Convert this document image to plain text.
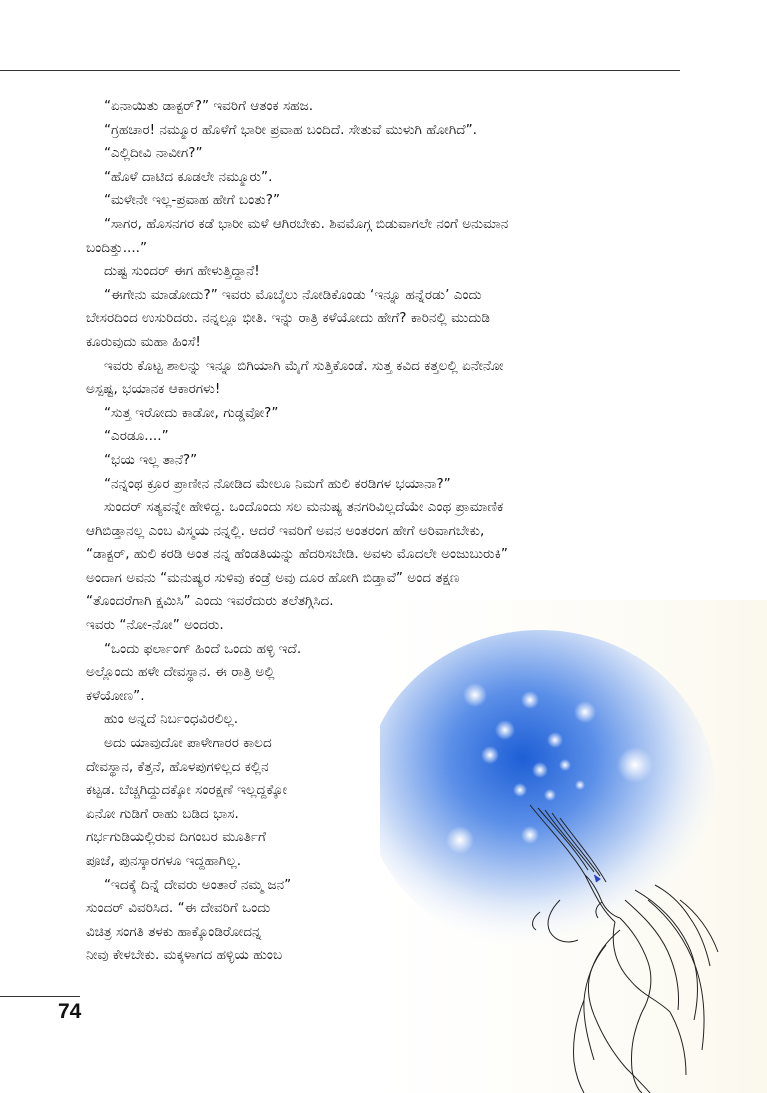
“ಏನಾಯಿತು ಡಾಕ್ಟರ್?” ಇವರಿಗೆ ಆತಂಕ ಸಹಜ.

“ಗ್ರಹಚಾರ! ನಮ್ಮೂರ ಹೊಳೆಗೆ ಭಾರೀ ಪ್ರವಾಹ ಬಂದಿದೆ. ಸೇತುವೆ ಮುಳುಗಿ ಹೋಗಿದೆ”.

“ಎಲ್ಲಿದೀವಿ ನಾವೀಗ?”

“ಹೊಳೆ ದಾಟಿದ ಕೂಡಲೇ ನಮ್ಮೂರು”.

“ಮಳೇನೇ ಇಲ್ಲ-ಪ್ರವಾಹ ಹೇಗೆ ಬಂತು?”

“ಸಾಗರ, ಹೊಸನಗರ ಕಡೆ ಭಾರೀ ಮಳೆ ಆಗಿರಬೇಕು. ಶಿವಮೊಗ್ಗ ಬಿಡುವಾಗಲೇ ನಂಗೆ ಅನುಮಾನ

ಬಂದಿತ್ತು....”

ದುಷ್ಟ ಸುಂದರ್ ಈಗ ಹೇಳುತ್ತಿದ್ದಾನೆ!

“ಈಗೇನು ಮಾಡೋದು?” ಇವರು ಮೊಬೈಲು ನೋಡಿಕೊಂಡು ‘ಇನ್ನೂ ಹನ್ನೆರಡು’ ಎಂದು

ಬೇಸರದಿಂದ ಉಸುರಿದರು. ನನ್ನಲ್ಲೂ ಭೀತಿ. ಇನ್ನು ರಾತ್ರಿ ಕಳೆಯೋದು ಹೇಗೆ? ಕಾರಿನಲ್ಲಿ ಮುದುಡಿ

ಕೂರುವುದು ಮಹಾ ಹಿಂಸೆ!

ಇವರು ಕೊಟ್ಟ ಶಾಲನ್ನು ಇನ್ನೂ ಬಿಗಿಯಾಗಿ ಮೈಗೆ ಸುತ್ತಿಕೊಂಡೆ. ಸುತ್ತ ಕವಿದ ಕತ್ತಲಲ್ಲಿ ಏನೇನೋ

ಅಸ್ಪಷ್ಟ, ಭಯಾನಕ ಆಕಾರಗಳು!

“ಸುತ್ತ ಇರೋದು ಕಾಡೋ, ಗುಡ್ಡವೋ?”

“ಎರಡೂ....”

“ಭಯ ಇಲ್ಲ ತಾನೆ?”

“ನನ್ನಂಥ ಕ್ರೂರ ಪ್ರಾಣೀನ ನೋಡಿದ ಮೇಲೂ ನಿಮಗೆ ಹುಲಿ ಕರಡಿಗಳ ಭಯಾನಾ?”

ಸುಂದರ್ ಸತ್ಯವನ್ನೇ ಹೇಳಿದ್ದ. ಒಂದೊಂದು ಸಲ ಮನುಷ್ಯ ತನಗರಿವಿಲ್ಲದೆಯೇ ಎಂಥ ಪ್ರಾಮಾಣಿಕ

ಆಗಿಬಿಡ್ತಾನಲ್ಲ ಎಂಬ ವಿಸ್ಮಯ ನನ್ನಲ್ಲಿ. ಆದರೆ ಇವರಿಗೆ ಅವನ ಅಂತರಂಗ ಹೇಗೆ ಅರಿವಾಗಬೇಕು,

“ಡಾಕ್ಟರ್, ಹುಲಿ ಕರಡಿ ಅಂತ ನನ್ನ ಹೆಂಡತಿಯನ್ನು ಹೆದರಿಸಬೇಡಿ. ಅವಳು ಮೊದಲೇ ಅಂಜುಬುರುಕಿ”

ಅಂದಾಗ ಅವನು “ಮನುಷ್ಯರ ಸುಳಿವು ಕಂಡ್ರೆ ಅವು ದೂರ ಹೋಗಿ ಬಿಡ್ತಾವೆ” ಅಂದ ತಕ್ಷಣ

“ತೊಂದರೆಗಾಗಿ ಕ್ಷಮಿಸಿ” ಎಂದು ಇವರೆದುರು ತಲೆತಗ್ಗಿಸಿದ.

ಇವರು “ನೋ-ನೋ” ಅಂದರು.

“ಒಂದು ಫರ್ಲಾಂಗ್ ಹಿಂದೆ ಒಂದು ಹಳ್ಳಿ ಇದೆ.

ಅಲ್ಲೊಂದು ಹಳೇ ದೇವಸ್ಥಾನ. ಈ ರಾತ್ರಿ ಅಲ್ಲಿ

ಕಳೆಯೋಣ”.

ಹುಂ ಅನ್ನದೆ ನಿರ್ಬಂಧವಿರಲಿಲ್ಲ.

ಅದು ಯಾವುದೋ ಪಾಳೇಗಾರರ ಕಾಲದ

ದೇವಸ್ಥಾನ, ಕೆತ್ತನೆ, ಹೊಳಪುಗಳಿಲ್ಲದ ಕಲ್ಲಿನ

ಕಟ್ಟಡ. ಬೆಚ್ಚಗಿದ್ದುದಕ್ಕೋ ಸಂರಕ್ಷಣೆ ಇಲ್ಲದ್ದಕ್ಕೋ

ಏನೋ ಗುಡಿಗೆ ರಾಹು ಬಡಿದ ಭಾಸ.

ಗರ್ಭಗುಡಿಯಲ್ಲಿರುವ ದಿಗಂಬರ ಮೂರ್ತಿಗೆ

ಪೂಜೆ, ಪುನಸ್ಕಾರಗಳೂ ಇದ್ದಹಾಗಿಲ್ಲ.

“ಇದಕ್ಕೆ ದಿನ್ನೆ ದೇವರು ಅಂತಾರೆ ನಮ್ಮ ಜನ”

ಸುಂದರ್ ವಿವರಿಸಿದ. “ಈ ದೇವರಿಗೆ ಒಂದು

ವಿಚಿತ್ರ ಸಂಗತಿ ತಳಕು ಹಾಕ್ಕೊಂಡಿರೋದನ್ನ

ನೀವು ಕೇಳಬೇಕು. ಮಕ್ಕಳಾಗದ ಹಳ್ಳಿಯ ಹುಂಬ

74
